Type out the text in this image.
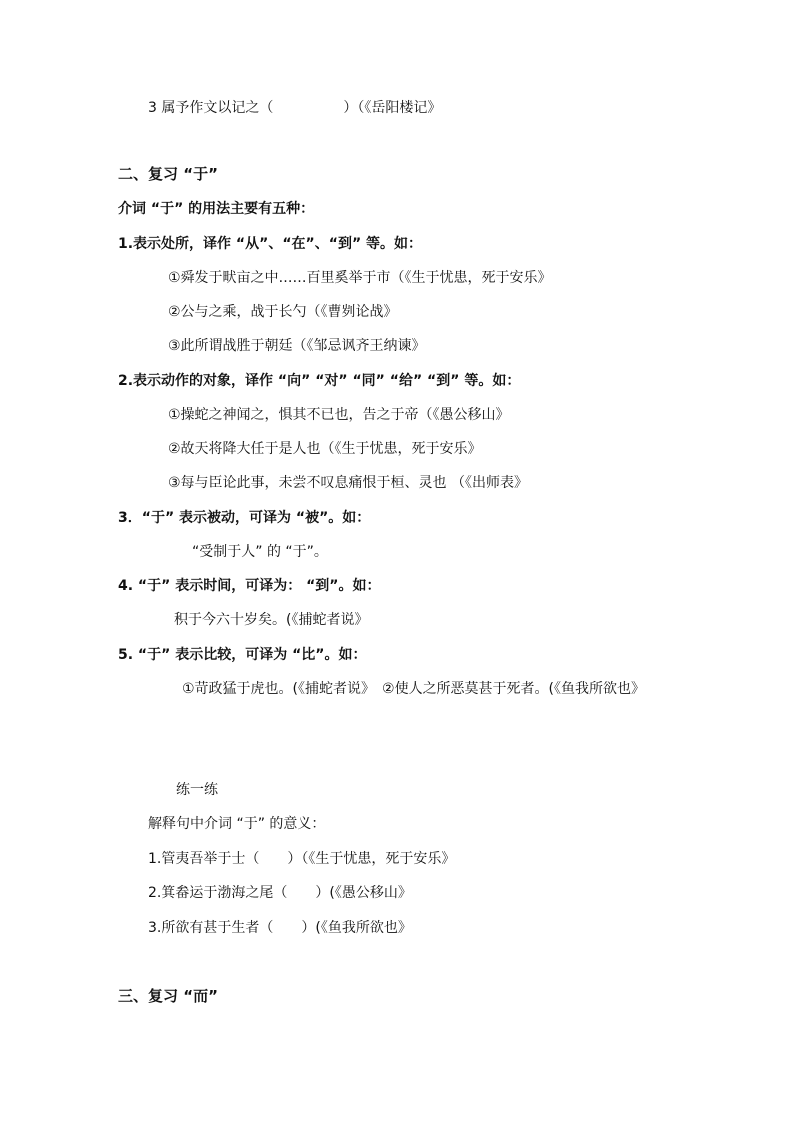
3 属予作文以记之（　　　　　）（《岳阳楼记》
二、复习 “于”
介词 “于” 的用法主要有五种：
1.表示处所，译作 “从”、“在”、“到” 等。如：
①舜发于畎亩之中……百里奚举于市（《生于忧患，死于安乐》
②公与之乘，战于长勺（《曹刿论战》
③此所谓战胜于朝廷（《邹忌讽齐王纳谏》
2.表示动作的对象，译作 “向” “对” “同” “给” “到” 等。如：
①操蛇之神闻之，惧其不已也，告之于帝（《愚公移山》
②故天将降大任于是人也（《生于忧患，死于安乐》
③每与臣论此事，未尝不叹息痛恨于桓、灵也 （《出师表》
3．“于” 表示被动，可译为 “被”。如：
“受制于人” 的 “于”。
4. “于” 表示时间，可译为： “到”。如：
积于今六十岁矣。(《捕蛇者说》
5. “于” 表示比较，可译为 “比”。如：
①苛政猛于虎也。(《捕蛇者说》　②使人之所恶莫甚于死者。(《鱼我所欲也》
练一练
解释句中介词 “于” 的意义：
1.管夷吾举于士（　　）（《生于忧患，死于安乐》
2.箕畚运于渤海之尾（　　）(《愚公移山》
3.所欲有甚于生者（　　）(《鱼我所欲也》
三、复习 “而”
